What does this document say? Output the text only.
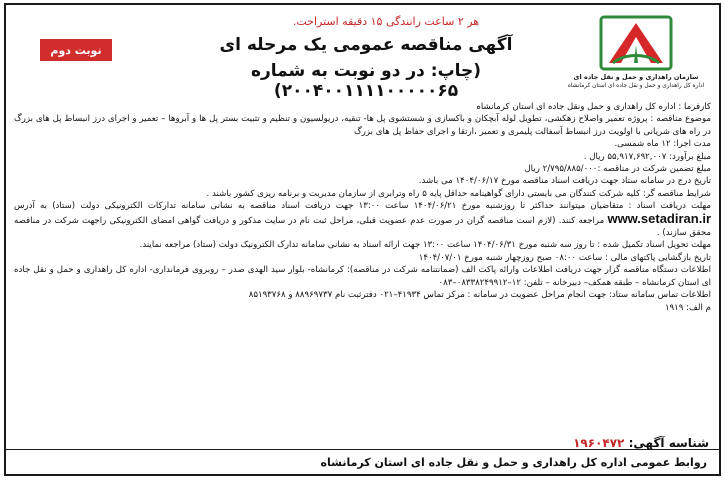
نوبت دوم
هر ۲ ساعت رانندگی ۱۵ دقیقه استراحت.
آگهی مناقصه عمومی یک مرحله ای
(چاپ: در دو نوبت به شماره ۲۰۰۴۰۰۱۱۱۱۰۰۰۰۰۶۵)
سازمان راهداری و حمل و نقل جاده ای
اداره کل راهداری و حمل و نقل جاده ای استان کرمانشاه

کارفرما : اداره کل راهداری و حمل ونقل جاده ای استان کرمانشاه

موضوع مناقصه : پروژه تعمیر واصلاح زهکشی، تطویل لوله آبچکان و باکسازی و شستشوی پل ها- تنقیه، دریولسیون و تنظیم و تثبیت بستر پل ها و آبروها – تعمیر و اجرای درز انبساط پل های بزرگ در راه های شریانی با اولویت درز انبساط آسفالت پلیمری و تعمیر ،ارتقا و اجرای حفاظ پل های بزرگ

مدت اجرا: ۱۲ ماه شمسی.

مبلغ برآورد: ۵۵,۹۱۷,۶۹۲,۰۰۷ ریال .

مبلغ تضمین شرکت در مناقصه :۲/۷۹۵/۸۸۵/۰۰۰ ریال

تاریخ درج در سامانه ستاد جهت دریافت اسناد مناقصه مورخ ۱۴۰۴/۰۶/۱۷ می باشد.

شرایط مناقصه گر: کلیه شرکت کنندگان می بایستی دارای گواهینامه حداقل پایه ۵ راه وترابری از سازمان مدیریت و برنامه ریزی کشور باشند .

مهلت دریافت اسناد : متقاضیان میتوانند حداکثر تا روزشنبه مورخ ۱۴۰۴/۰۶/۲۱ ساعت ۱۳:۰۰ جهت دریافت اسناد مناقصه به نشانی سامانه تدارکات الکترونیکی دولت (ستاد) به آدرس www.setadiran.ir مراجعه کنند. (لازم است مناقصه گران در صورت عدم عضویت قبلی، مراحل ثبت نام در سایت مذکور و دریافت گواهی امضای الکترونیکی راجهت شرکت در مناقصه محقق سازند) .

مهلت تحویل اسناد تکمیل شده : تا روز سه شنبه مورخ ۱۴۰۴/۰۶/۳۱ ساعت ۱۳:۰۰ جهت ارائه اسناد به نشانی سامانه تدارک الکترونیک دولت (ستاد) مراجعه نمایند.

تاریخ بازگشایی پاکتهای مالی : ساعت ۰۸:۰۰ صبح روزچهار شنبه مورخ ۱۴۰۴/۰۷/۰۱

اطلاعات دستگاه مناقصه گزار جهت دریافت اطلاعات وارائه پاکت الف (ضمانتنامه شرکت در مناقصه): کرمانشاه- بلوار سید الهدی صدر – روبروی فرمانداری- اداره کل راهداری و حمل و نقل جاده ای استان کرمانشاه – طبقه همکف– دبیرخانه – تلفن: ۱۲–۰۸۳۳۸۲۴۹۹۱۲–۰۸۳

اطلاعات تماس سامانه ستاد: جهت انجام مراحل عضویت در سامانه : مرکز تماس ۴۱۹۳۴–۰۲۱ دفترثبت نام ۸۸۹۶۹۷۳۷ و ۸۵۱۹۳۷۶۸

م الف: ۱۹۱۹

شناسه آگهی: ۱۹۶۰۴۷۲
روابط عمومی اداره کل راهداری و حمل و نقل جاده ای استان کرمانشاه
